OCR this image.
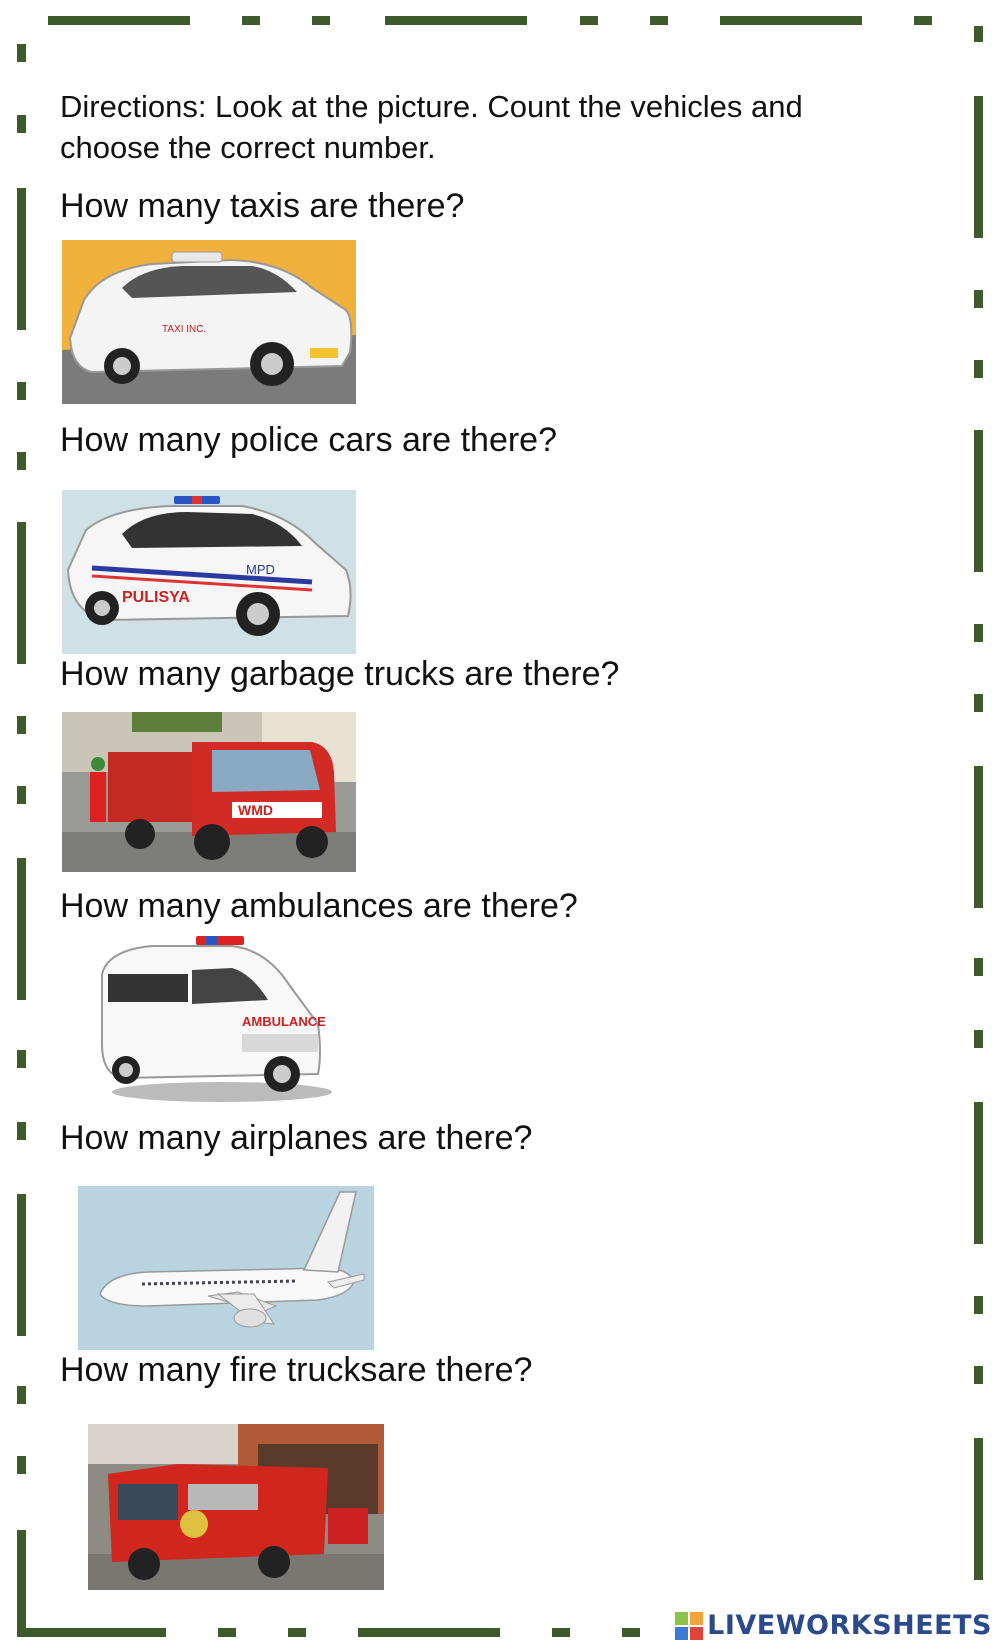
Directions: Look at the picture. Count the vehicles and choose the correct number.

How many taxis are there?

TAXI INC.

How many police cars are there?

PULISYA
MPD

How many garbage trucks are there?

WMD

How many ambulances are there?

AMBULANCE

How many airplanes are there?

How many fire trucksare there?

LIVEWORKSHEETS
